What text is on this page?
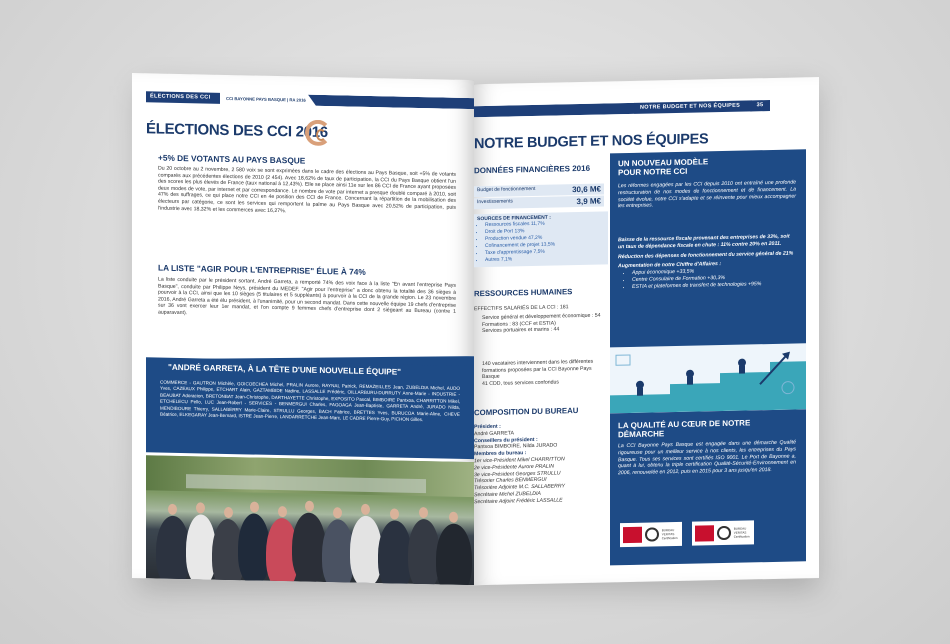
ÉLECTIONS DES CCI	CCI BAYONNE PAYS BASQUE | RA 2016
ÉLECTIONS DES CCI 2016
+5% DE VOTANTS AU PAYS BASQUE
Du 20 octobre au 2 novembre, 2 580 voix se sont exprimées dans le cadre des élections au Pays Basque, soit +5% de votants comparés aux précédentes élections de 2010 (2 454). Avec 18,62% de taux de participation, la CCI du Pays Basque obtient l'un des scores les plus élevés de France (taux national à 12,43%). Elle se place ainsi 11e sur les 86 CCI de France ayant proposées deux modes de vote, par internet et par correspondance. Le nombre de vote par internet a presque doublé comparé à 2010, soit 47% des suffrages, ce qui place notre CCI en 4e position des CCI de France. Concernant la répartition de la mobilisation des électeurs par catégorie, ce sont les services qui remportent la palme au Pays Basque avec 20,52% de participation, puis l'industrie avec 18,32% et les commerces avec 16,27%.
LA LISTE "AGIR POUR L'ENTREPRISE" ÉLUE À 74%
La liste conduite par le président sortant, André Garreta, a remporté 74% des voix face à la liste "En avant l'entreprise Pays Basque", conduite par Philippe Neys, président du MEDEF. "Agir pour l'entreprise" a donc obtenu la totalité des 36 sièges à pourvoir à la CCI, ainsi que les 10 sièges (5 titulaires et 5 suppléants) à pourvoir à la CCI de la grande région. Le 23 novembre 2016, André Garreta a été élu président, à l'unanimité, pour un second mandat. Dans cette nouvelle équipe 19 chefs d'entreprise sur 36 vont exercer leur 1er mandat, et l'on compte 9 femmes chefs d'entreprise dont 2 siégeant au Bureau (contre 1 auparavant).
"ANDRÉ GARRETA, À LA TÊTE D'UNE NOUVELLE ÉQUIPE"
COMMERCE - GAUTRON Michèle, GOICOECHEA Michel, PRALIN Aurore, RAYNAL Patrick, REMAZEILLES Jean, ZUBELDIA Michel, AUDO Yves, CAZEAUX Philippe, ETCHART Alain, GAZTAMBIDE Nadine, LASSALLE Frédéric, OILLARBURU-DURRUTY Anne-Marie - INDUSTRIE - BEAUBAT Adoracion, BRETONBAT Jean-Christophe, DARTHAYETTE Christophe, EXPOSITO Pascal, BIMBOIRE Pantxoa, CHARRITTON Mikel, ETCHELECU Pello, LUC Jean-Robert - SERVICES - BENMERGUI Charles, FAGOAGA Jean-Baptiste, GARRETA André, JURADO Nilda, MENDIBOURE Thierry, SALLABERRY Marie-Claire, STRULLU Georges, BACH Fabrice, BRETTES Yves, BURUCOA Marie-Aline, CHEVE Béatrice, ELKEGARAY Jean-Bernard, ISTRE Jean-Pierre, LANDARRETCHE Jean-Marc, LE CADRE Pierre-Guy, PICHON Gilles.
NOTRE BUDGET ET NOS ÉQUIPES	35
NOTRE BUDGET ET NOS ÉQUIPES
DONNÉES FINANCIÈRES 2016
Budget de fonctionnement	30,6 M€
Investissements	3,9 M€
SOURCES DE FINANCEMENT :
• Ressources fiscales 11,7%
• Droit de Port 13%
• Production vendue 47,2%
• Cofinancement de projet 13,5%
• Taxe d'apprentissage 7,5%
• Autres 7,1%
RESSOURCES HUMAINES
EFFECTIFS SALARIÉS DE LA CCI : 181
• Service général et développement économique : 54
• Formations : 83 (CCF et ESTIA)
• Services portuaires et marins : 44
• 140 vacataires interviennent dans les différentes formations proposées par la CCI Bayonne Pays Basque
• 41 CDD, tous services confondus
COMPOSITION DU BUREAU
Président :
André GARRETA
Conseillers du président :
Pantxoa BIMBOIRE, Nilda JURADO
Membres du bureau :
1er vice-Président Mikel CHARRITTON
2e vice-Présidente Aurore PRALIN
3e vice-Président Georges STRULLU
Trésorier Charles BENMERGUI
Trésorière Adjointe M.C. SALLABERRY
Secrétaire Michel ZUBELDIA
Secrétaire Adjoint Frédéric LASSALLE
UN NOUVEAU MODÈLE POUR NOTRE CCI
Les réformes engagées par les CCI depuis 2010 ont entraîné une profonde restructuration de nos modes de fonctionnement et de financement. La société évolue, notre CCI s'adapte et se réinvente pour mieux accompagner les entreprises.
Baisse de la ressource fiscale provenant des entreprises de 33%, soit un taux de dépendance fiscale en chute : 11% contre 20% en 2011.
Réduction des dépenses de fonctionnement du service général de 21%
Augmentation de notre Chiffre d'Affaires :
• Appui économique +33,5%
• Centre Consulaire de Formation +30,3%
• ESTIA et plateformes de transfert de technologies +95%
LA QUALITÉ AU CŒUR DE NOTRE DÉMARCHE
La CCI Bayonne Pays Basque est engagée dans une démarche Qualité rigoureuse pour un meilleur service à nos clients, les entreprises du Pays Basque. Tous ses services sont certifiés ISO 9001. Le Port de Bayonne a, quant à lui, obtenu la triple certification Qualité-Sécurité-Environnement en 2006, renouvelée en 2012, puis en 2015 pour 3 ans jusqu'en 2018.
BUREAU VERITAS Certification
BUREAU VERITAS Certification
